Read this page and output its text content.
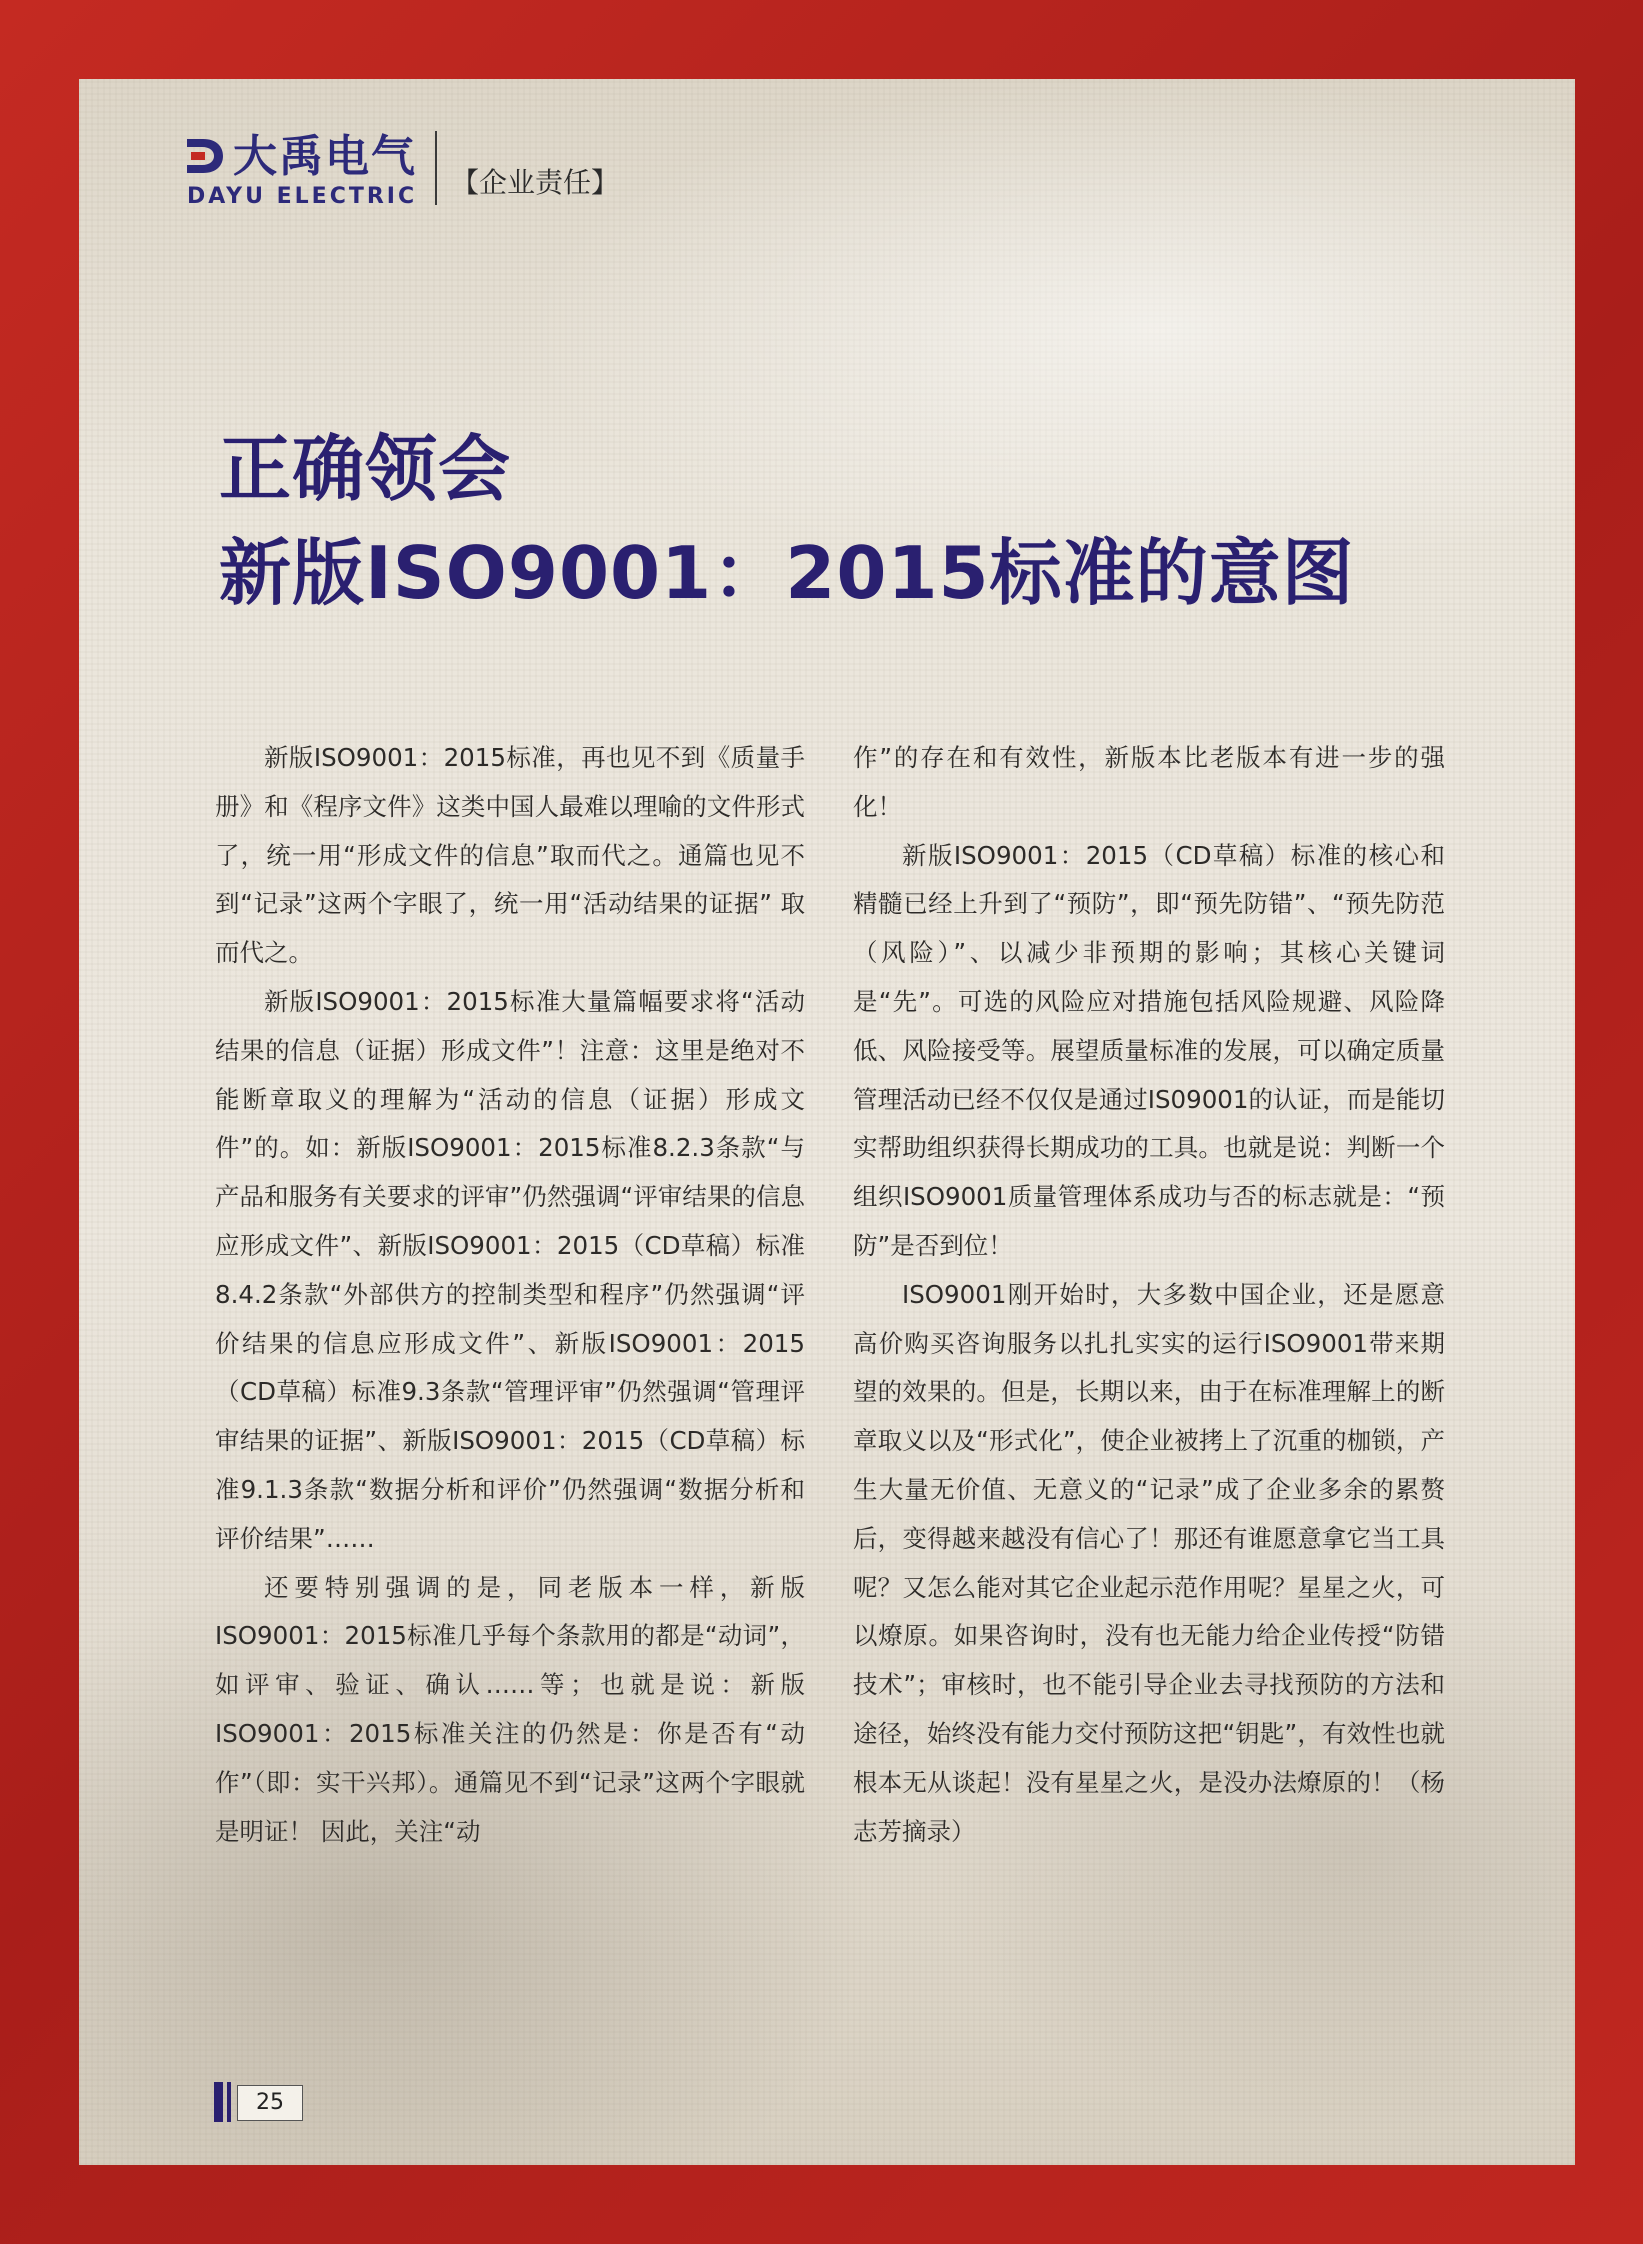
大禹电气
DAYU ELECTRIC 【企业责任】
正确领会
新版ISO9001：2015标准的意图

新版ISO9001：2015标准，再也见不到《质量手册》和《程序文件》这类中国人最难以理喻的文件形式了，统一用“形成文件的信息”取而代之。通篇也见不到“记录”这两个字眼了，统一用“活动结果的证据” 取而代之。

新版ISO9001：2015标准大量篇幅要求将“活动结果的信息（证据）形成文件”！注意：这里是绝对不能断章取义的理解为“活动的信息（证据）形成文件”的。如：新版ISO9001：2015标准8.2.3条款“与产品和服务有关要求的评审”仍然强调“评审结果的信息应形成文件”、新版ISO9001：2015（CD草稿）标准8.4.2条款“外部供方的控制类型和程序”仍然强调“评价结果的信息应形成文件”、新版ISO9001：2015（CD草稿）标准9.3条款“管理评审”仍然强调“管理评审结果的证据”、新版ISO9001：2015（CD草稿）标准9.1.3条款“数据分析和评价”仍然强调“数据分析和评价结果”……

还要特别强调的是，同老版本一样，新版ISO9001：2015标准几乎每个条款用的都是“动词”，如评审、验证、确认……等；也就是说：新版ISO9001：2015标准关注的仍然是：你是否有“动作”（即：实干兴邦）。通篇见不到“记录”这两个字眼就是明证！ 因此，关注“动

作”的存在和有效性，新版本比老版本有进一步的强化！

新版ISO9001：2015（CD草稿）标准的核心和精髓已经上升到了“预防”，即“预先防错”、“预先防范（风险）”、以减少非预期的影响；其核心关键词是“先”。可选的风险应对措施包括风险规避、风险降低、风险接受等。展望质量标准的发展，可以确定质量管理活动已经不仅仅是通过IS09001的认证，而是能切实帮助组织获得长期成功的工具。也就是说：判断一个组织ISO9001质量管理体系成功与否的标志就是：“预防”是否到位！

ISO9001刚开始时，大多数中国企业，还是愿意高价购买咨询服务以扎扎实实的运行ISO9001带来期望的效果的。但是，长期以来，由于在标准理解上的断章取义以及“形式化”，使企业被拷上了沉重的枷锁，产生大量无价值、无意义的“记录”成了企业多余的累赘后，变得越来越没有信心了！那还有谁愿意拿它当工具呢？又怎么能对其它企业起示范作用呢？星星之火，可以燎原。如果咨询时，没有也无能力给企业传授“防错技术”；审核时，也不能引导企业去寻找预防的方法和途径，始终没有能力交付预防这把“钥匙”，有效性也就根本无从谈起！没有星星之火，是没办法燎原的！（杨志芳摘录）

25
